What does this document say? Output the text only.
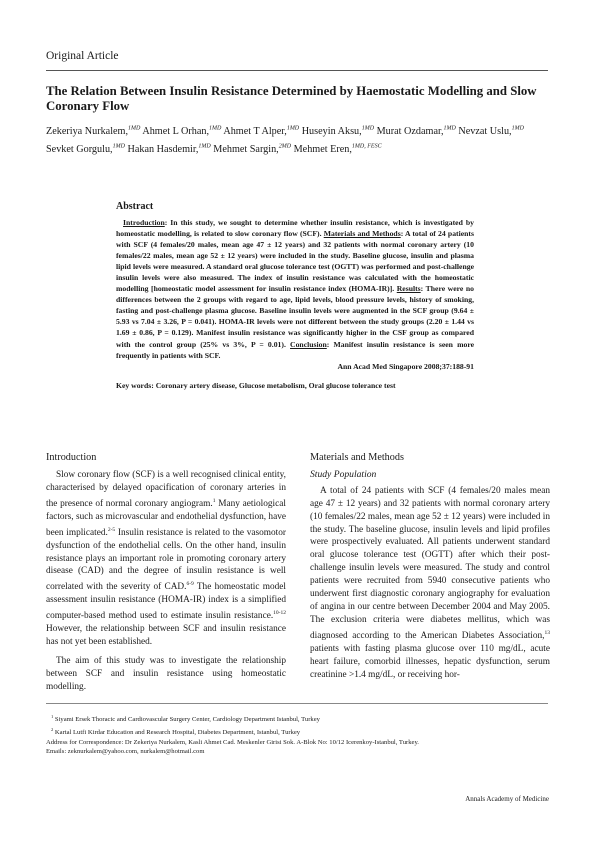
Original Article
The Relation Between Insulin Resistance Determined by Haemostatic Modelling and Slow Coronary Flow
Zekeriya Nurkalem,$^{1MD}$ Ahmet L Orhan,$^{1MD}$ Ahmet T Alper,$^{1MD}$ Huseyin Aksu,$^{1MD}$ Murat Ozdamar,$^{1MD}$ Nevzat Uslu,$^{1MD}$ Sevket Gorgulu,$^{1MD}$ Hakan Hasdemir,$^{1MD}$ Mehmet Sargin,$^{2MD}$ Mehmet Eren,$^{1MD, FESC}$
Abstract

Introduction: In this study, we sought to determine whether insulin resistance, which is investigated by homeostatic modelling, is related to slow coronary flow (SCF). Materials and Methods: A total of 24 patients with SCF (4 females/20 males, mean age 47 ± 12 years) and 32 patients with normal coronary artery (10 females/22 males, mean age 52 ± 12 years) were included in the study. Baseline glucose, insulin and plasma lipid levels were measured. A standard oral glucose tolerance test (OGTT) was performed and post-challenge insulin levels were also measured. The index of insulin resistance was calculated with the homeostatic modelling [homeostatic model assessment for insulin resistance index (HOMA-IR)]. Results: There were no differences between the 2 groups with regard to age, lipid levels, blood pressure levels, history of smoking, fasting and post-challenge plasma glucose. Baseline insulin levels were augmented in the SCF group (9.64 ± 5.93 vs 7.04 ± 3.26, P = 0.041). HOMA-IR levels were not different between the study groups (2.20 ± 1.44 vs 1.69 ± 0.86, P = 0.129). Manifest insulin resistance was significantly higher in the CSF group as compared with the control group (25% vs 3%, P = 0.01). Conclusion: Manifest insulin resistance is seen more frequently in patients with SCF.

Ann Acad Med Singapore 2008;37:188-91
Key words: Coronary artery disease, Glucose metabolism, Oral glucose tolerance test
Introduction

Slow coronary flow (SCF) is a well recognised clinical entity, characterised by delayed opacification of coronary arteries in the presence of normal coronary angiogram.$^1$ Many aetiological factors, such as microvascular and endothelial dysfunction, have been implicated.$^{2-5}$ Insulin resistance is related to the vasomotor dysfunction of the endothelial cells. On the other hand, insulin resistance plays an important role in promoting coronary artery disease (CAD) and the degree of insulin resistance is well correlated with the severity of CAD.$^{6-9}$ The homeostatic model assessment insulin resistance (HOMA-IR) index is a simplified computer-based method used to estimate insulin resistance.$^{10-12}$ However, the relationship between SCF and insulin resistance has not yet been established.

The aim of this study was to investigate the relationship between SCF and insulin resistance using homeostatic modelling.

Materials and Methods
Study Population

A total of 24 patients with SCF (4 females/20 males mean age 47 ± 12 years) and 32 patients with normal coronary artery (10 females/22 males, mean age 52 ± 12 years) were included in the study. The baseline glucose, insulin levels and lipid profiles were prospectively evaluated. All patients underwent standard oral glucose tolerance test (OGTT) after which their post-challenge insulin levels were measured. The study and control patients were recruited from 5940 consecutive patients who underwent first diagnostic coronary angiography for evaluation of angina in our centre between December 2004 and May 2005. The exclusion criteria were diabetes mellitus, which was diagnosed according to the American Diabetes Association,$^{13}$ patients with fasting plasma glucose over 110 mg/dL, acute heart failure, comorbid illnesses, hepatic dysfunction, serum creatinine >1.4 mg/dL, or receiving hor-

$^1$ Siyami Ersek Thoracic and Cardiovascular Surgery Center, Cardiology Department Istanbul, Turkey
$^2$ Kartal Lutfi Kirdar Education and Research Hospital, Diabetes Department, Istanbul, Turkey
Address for Correspondence: Dr Zekeriya Nurkalem, Kasli Ahmet Cad. Meskenler Girisi Sok. A-Blok No: 10/12 Icerenkoy-Istanbul, Turkey.
Emails: zeknurkalem@yahoo.com, nurkalem@hotmail.com
Annals Academy of Medicine
